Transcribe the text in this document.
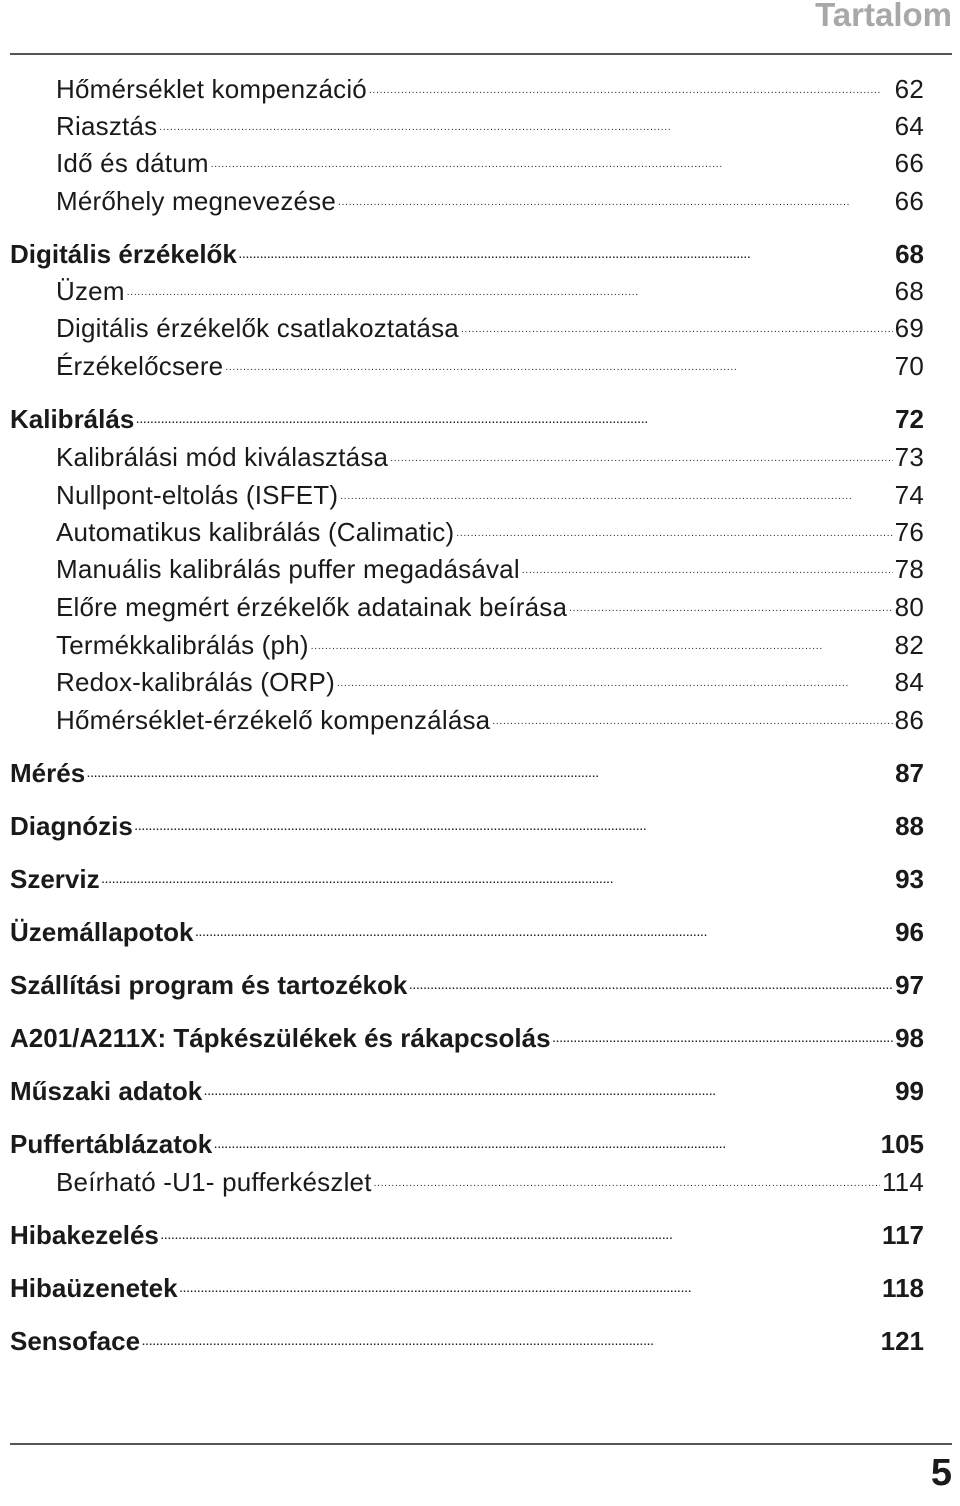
Tartalom
Hőmérséklet kompenzáció . . .	62
Riasztás . . .	64
Idő és dátum . . .	66
Mérőhely megnevezése . . .	66
Digitális érzékelők . . .	68
Üzem . . .	68
Digitális érzékelők csatlakoztatása . . .	69
Érzékelőcsere . . .	70
Kalibrálás . . .	72
Kalibrálási mód kiválasztása . . .	73
Nullpont-eltolás (ISFET) . . .	74
Automatikus kalibrálás (Calimatic) . . .	76
Manuális kalibrálás puffer megadásával . . .	78
Előre megmért érzékelők adatainak beírása . . .	80
Termékkalibrálás (ph) . . .	82
Redox-kalibrálás (ORP) . . .	84
Hőmérséklet-érzékelő kompenzálása . . .	86
Mérés . . .	87
Diagnózis . . .	88
Szerviz . . .	93
Üzemállapotok . . .	96
Szállítási program és tartozékok . . .	97
A201/A211X: Tápkészülékek és rákapcsolás . . .	98
Műszaki adatok . . .	99
Puffertáblázatok . . .	105
Beírható -U1- pufferkészlet . . .	114
Hibakezelés . . .	117
Hibaüzenetek . . .	118
Sensoface . . .	121
5
